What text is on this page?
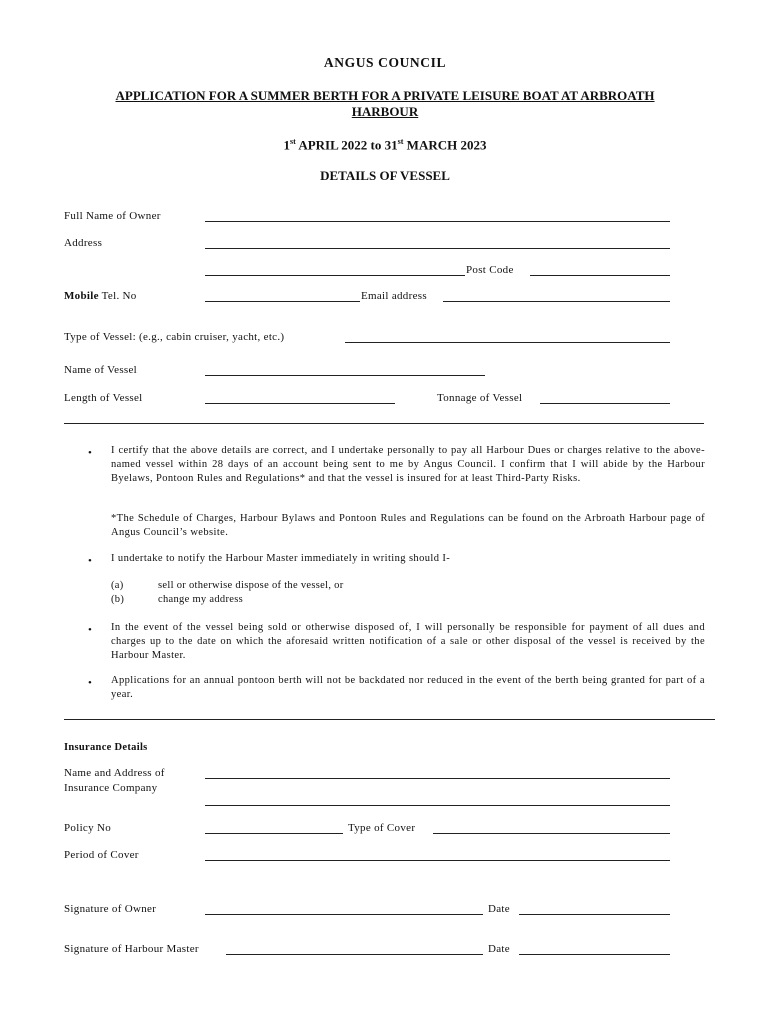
ANGUS COUNCIL
APPLICATION FOR A SUMMER BERTH FOR A PRIVATE LEISURE BOAT AT ARBROATH HARBOUR
1st APRIL 2022 to 31st MARCH 2023
DETAILS OF VESSEL
Full Name of Owner
Address
Post Code
Mobile Tel. No	Email address
Type of Vessel: (e.g., cabin cruiser, yacht, etc.)
Name of Vessel
Length of Vessel	Tonnage of Vessel
• I certify that the above details are correct, and I undertake personally to pay all Harbour Dues or charges relative to the above-named vessel within 28 days of an account being sent to me by Angus Council. I confirm that I will abide by the Harbour Byelaws, Pontoon Rules and Regulations* and that the vessel is insured for at least Third-Party Risks.
*The Schedule of Charges, Harbour Bylaws and Pontoon Rules and Regulations can be found on the Arbroath Harbour page of Angus Council’s website.
• I undertake to notify the Harbour Master immediately in writing should I-
(a)	sell or otherwise dispose of the vessel, or
(b)	change my address
• In the event of the vessel being sold or otherwise disposed of, I will personally be responsible for payment of all dues and charges up to the date on which the aforesaid written notification of a sale or other disposal of the vessel is received by the Harbour Master.
• Applications for an annual pontoon berth will not be backdated nor reduced in the event of the berth being granted for part of a year.
Insurance Details
Name and Address of
Insurance Company
Policy No	Type of Cover
Period of Cover
Signature of Owner	Date
Signature of Harbour Master	Date
